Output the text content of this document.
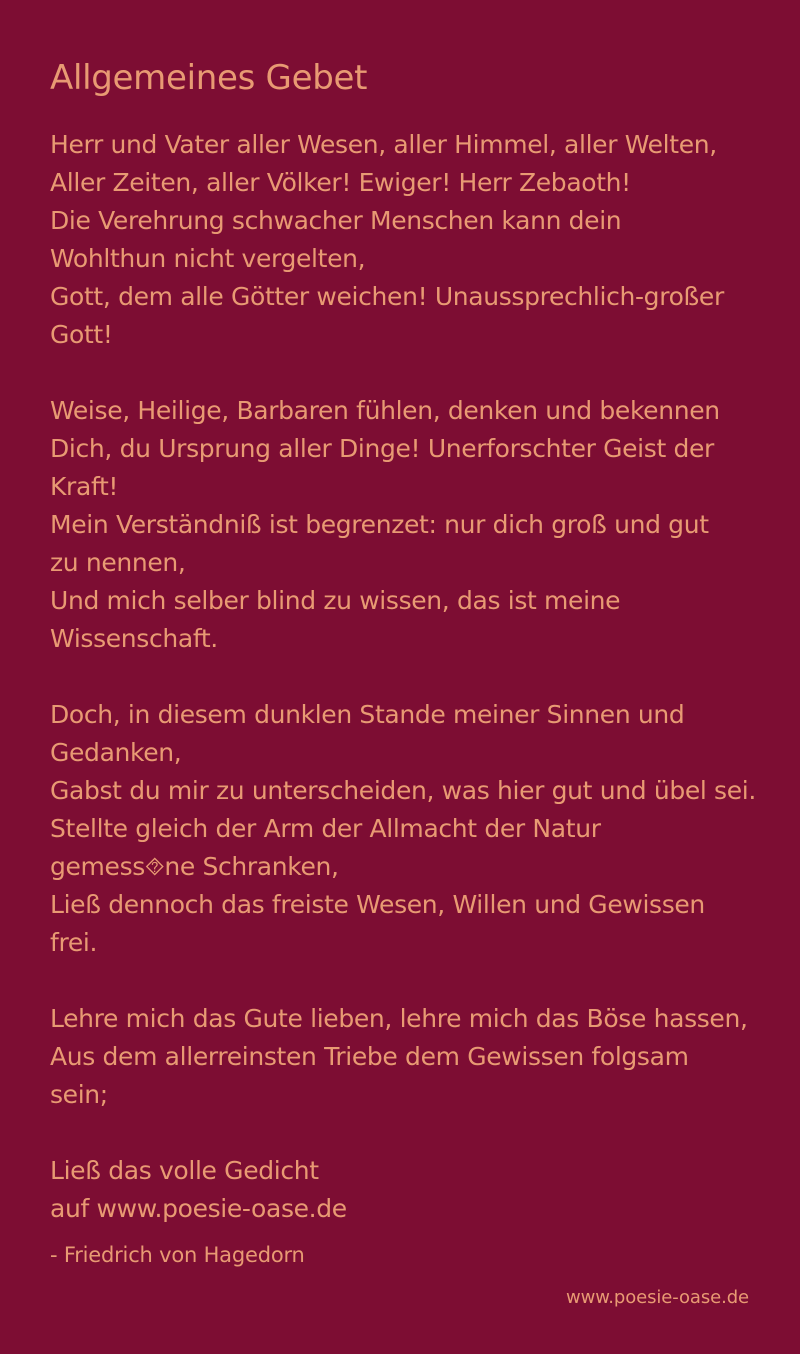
Allgemeines Gebet

Herr und Vater aller Wesen, aller Himmel, aller Welten,

Aller Zeiten, aller Völker! Ewiger! Herr Zebaoth!

Die Verehrung schwacher Menschen kann dein

Wohlthun nicht vergelten,

Gott, dem alle Götter weichen! Unaussprechlich-großer

Gott!

Weise, Heilige, Barbaren fühlen, denken und bekennen

Dich, du Ursprung aller Dinge! Unerforschter Geist der

Kraft!

Mein Verständniß ist begrenzet: nur dich groß und gut

zu nennen,

Und mich selber blind zu wissen, das ist meine

Wissenschaft.

Doch, in diesem dunklen Stande meiner Sinnen und

Gedanken,

Gabst du mir zu unterscheiden, was hier gut und übel sei.

Stellte gleich der Arm der Allmacht der Natur

gemess⯑ne Schranken,

Ließ dennoch das freiste Wesen, Willen und Gewissen

frei.

Lehre mich das Gute lieben, lehre mich das Böse hassen,

Aus dem allerreinsten Triebe dem Gewissen folgsam

sein;

Ließ das volle Gedicht

auf www.poesie-oase.de

- Friedrich von Hagedorn

www.poesie-oase.de
